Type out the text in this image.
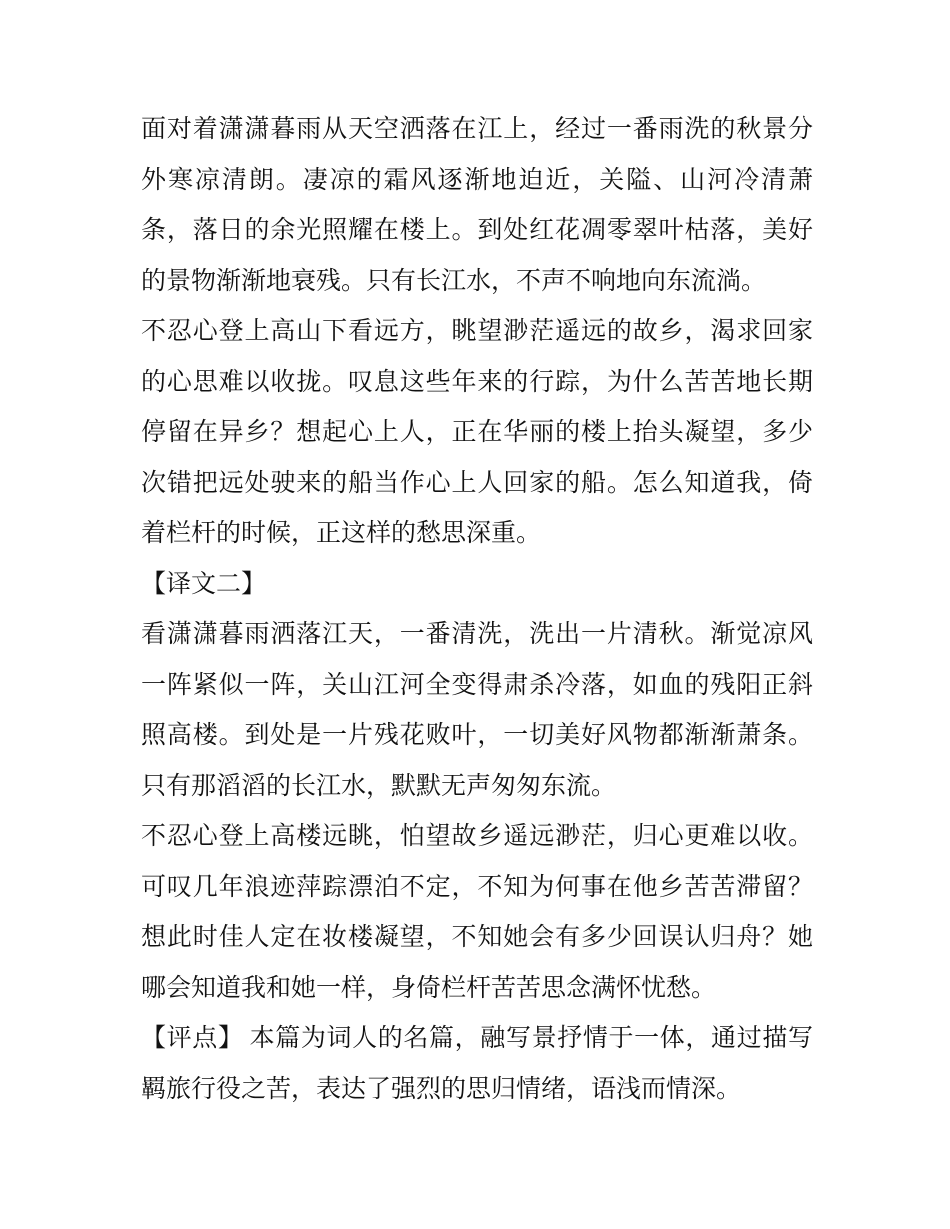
面对着潇潇暮雨从天空洒落在江上，经过一番雨洗的秋景分外寒凉清朗。凄凉的霜风逐渐地迫近，关隘、山河冷清萧条，落日的余光照耀在楼上。到处红花凋零翠叶枯落，美好的景物渐渐地衰残。只有长江水，不声不响地向东流淌。

不忍心登上高山下看远方，眺望渺茫遥远的故乡，渴求回家的心思难以收拢。叹息这些年来的行踪，为什么苦苦地长期停留在异乡？想起心上人，正在华丽的楼上抬头凝望，多少次错把远处驶来的船当作心上人回家的船。怎么知道我，倚着栏杆的时候，正这样的愁思深重。

【译文二】

看潇潇暮雨洒落江天，一番清洗，洗出一片清秋。渐觉凉风一阵紧似一阵，关山江河全变得肃杀冷落，如血的残阳正斜照高楼。到处是一片残花败叶，一切美好风物都渐渐萧条。只有那滔滔的长江水，默默无声匆匆东流。

不忍心登上高楼远眺，怕望故乡遥远渺茫，归心更难以收。可叹几年浪迹萍踪漂泊不定，不知为何事在他乡苦苦滞留？想此时佳人定在妆楼凝望，不知她会有多少回误认归舟？她哪会知道我和她一样，身倚栏杆苦苦思念满怀忧愁。

【评点】 本篇为词人的名篇，融写景抒情于一体，通过描写羁旅行役之苦，表达了强烈的思归情绪，语浅而情深。
